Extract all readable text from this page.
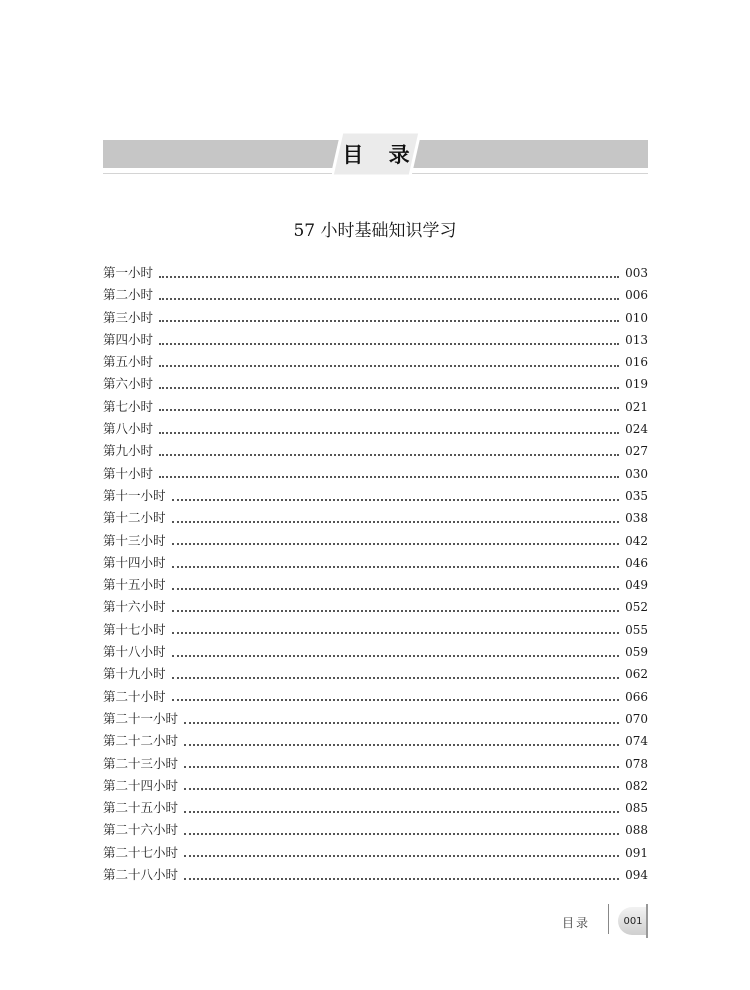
目 录
57 小时基础知识学习
第一小时	003
第二小时	006
第三小时	010
第四小时	013
第五小时	016
第六小时	019
第七小时	021
第八小时	024
第九小时	027
第十小时	030
第十一小时	035
第十二小时	038
第十三小时	042
第十四小时	046
第十五小时	049
第十六小时	052
第十七小时	055
第十八小时	059
第十九小时	062
第二十小时	066
第二十一小时	070
第二十二小时	074
第二十三小时	078
第二十四小时	082
第二十五小时	085
第二十六小时	088
第二十七小时	091
第二十八小时	094
目录	001
